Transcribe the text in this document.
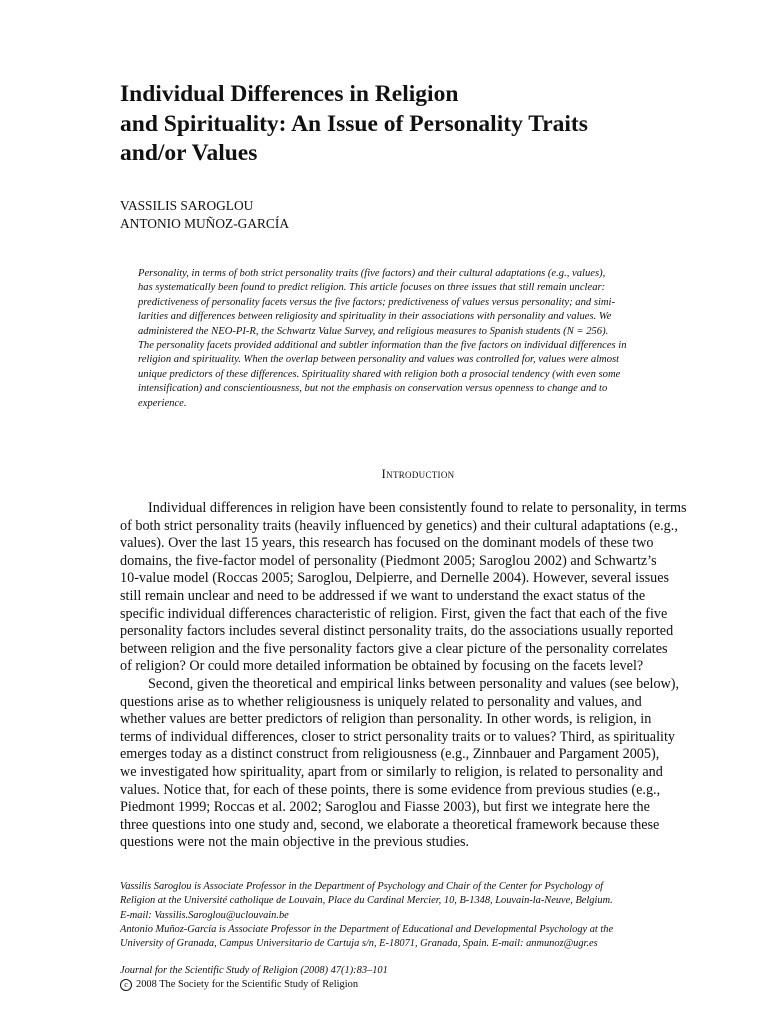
Individual Differences in Religion
and Spirituality: An Issue of Personality Traits
and/or Values
VASSILIS SAROGLOU
ANTONIO MUÑOZ-GARCÍA
Personality, in terms of both strict personality traits (five factors) and their cultural adaptations (e.g., values),
has systematically been found to predict religion. This article focuses on three issues that still remain unclear:
predictiveness of personality facets versus the five factors; predictiveness of values versus personality; and simi-
larities and differences between religiosity and spirituality in their associations with personality and values. We
administered the NEO-PI-R, the Schwartz Value Survey, and religious measures to Spanish students (N = 256).
The personality facets provided additional and subtler information than the five factors on individual differences in
religion and spirituality. When the overlap between personality and values was controlled for, values were almost
unique predictors of these differences. Spirituality shared with religion both a prosocial tendency (with even some
intensification) and conscientiousness, but not the emphasis on conservation versus openness to change and to
experience.
Introduction
Individual differences in religion have been consistently found to relate to personality, in terms
of both strict personality traits (heavily influenced by genetics) and their cultural adaptations (e.g.,
values). Over the last 15 years, this research has focused on the dominant models of these two
domains, the five-factor model of personality (Piedmont 2005; Saroglou 2002) and Schwartz’s
10-value model (Roccas 2005; Saroglou, Delpierre, and Dernelle 2004). However, several issues
still remain unclear and need to be addressed if we want to understand the exact status of the
specific individual differences characteristic of religion. First, given the fact that each of the five
personality factors includes several distinct personality traits, do the associations usually reported
between religion and the five personality factors give a clear picture of the personality correlates
of religion? Or could more detailed information be obtained by focusing on the facets level?
Second, given the theoretical and empirical links between personality and values (see below),
questions arise as to whether religiousness is uniquely related to personality and values, and
whether values are better predictors of religion than personality. In other words, is religion, in
terms of individual differences, closer to strict personality traits or to values? Third, as spirituality
emerges today as a distinct construct from religiousness (e.g., Zinnbauer and Pargament 2005),
we investigated how spirituality, apart from or similarly to religion, is related to personality and
values. Notice that, for each of these points, there is some evidence from previous studies (e.g.,
Piedmont 1999; Roccas et al. 2002; Saroglou and Fiasse 2003), but first we integrate here the
three questions into one study and, second, we elaborate a theoretical framework because these
questions were not the main objective in the previous studies.
Vassilis Saroglou is Associate Professor in the Department of Psychology and Chair of the Center for Psychology of
Religion at the Université catholique de Louvain, Place du Cardinal Mercier, 10, B-1348, Louvain-la-Neuve, Belgium.
E-mail: Vassilis.Saroglou@uclouvain.be
Antonio Muñoz-García is Associate Professor in the Department of Educational and Developmental Psychology at the
University of Granada, Campus Universitario de Cartuja s/n, E-18071, Granada, Spain. E-mail: anmunoz@ugr.es
Journal for the Scientific Study of Religion (2008) 47(1):83–101
c 2008 The Society for the Scientific Study of Religion
